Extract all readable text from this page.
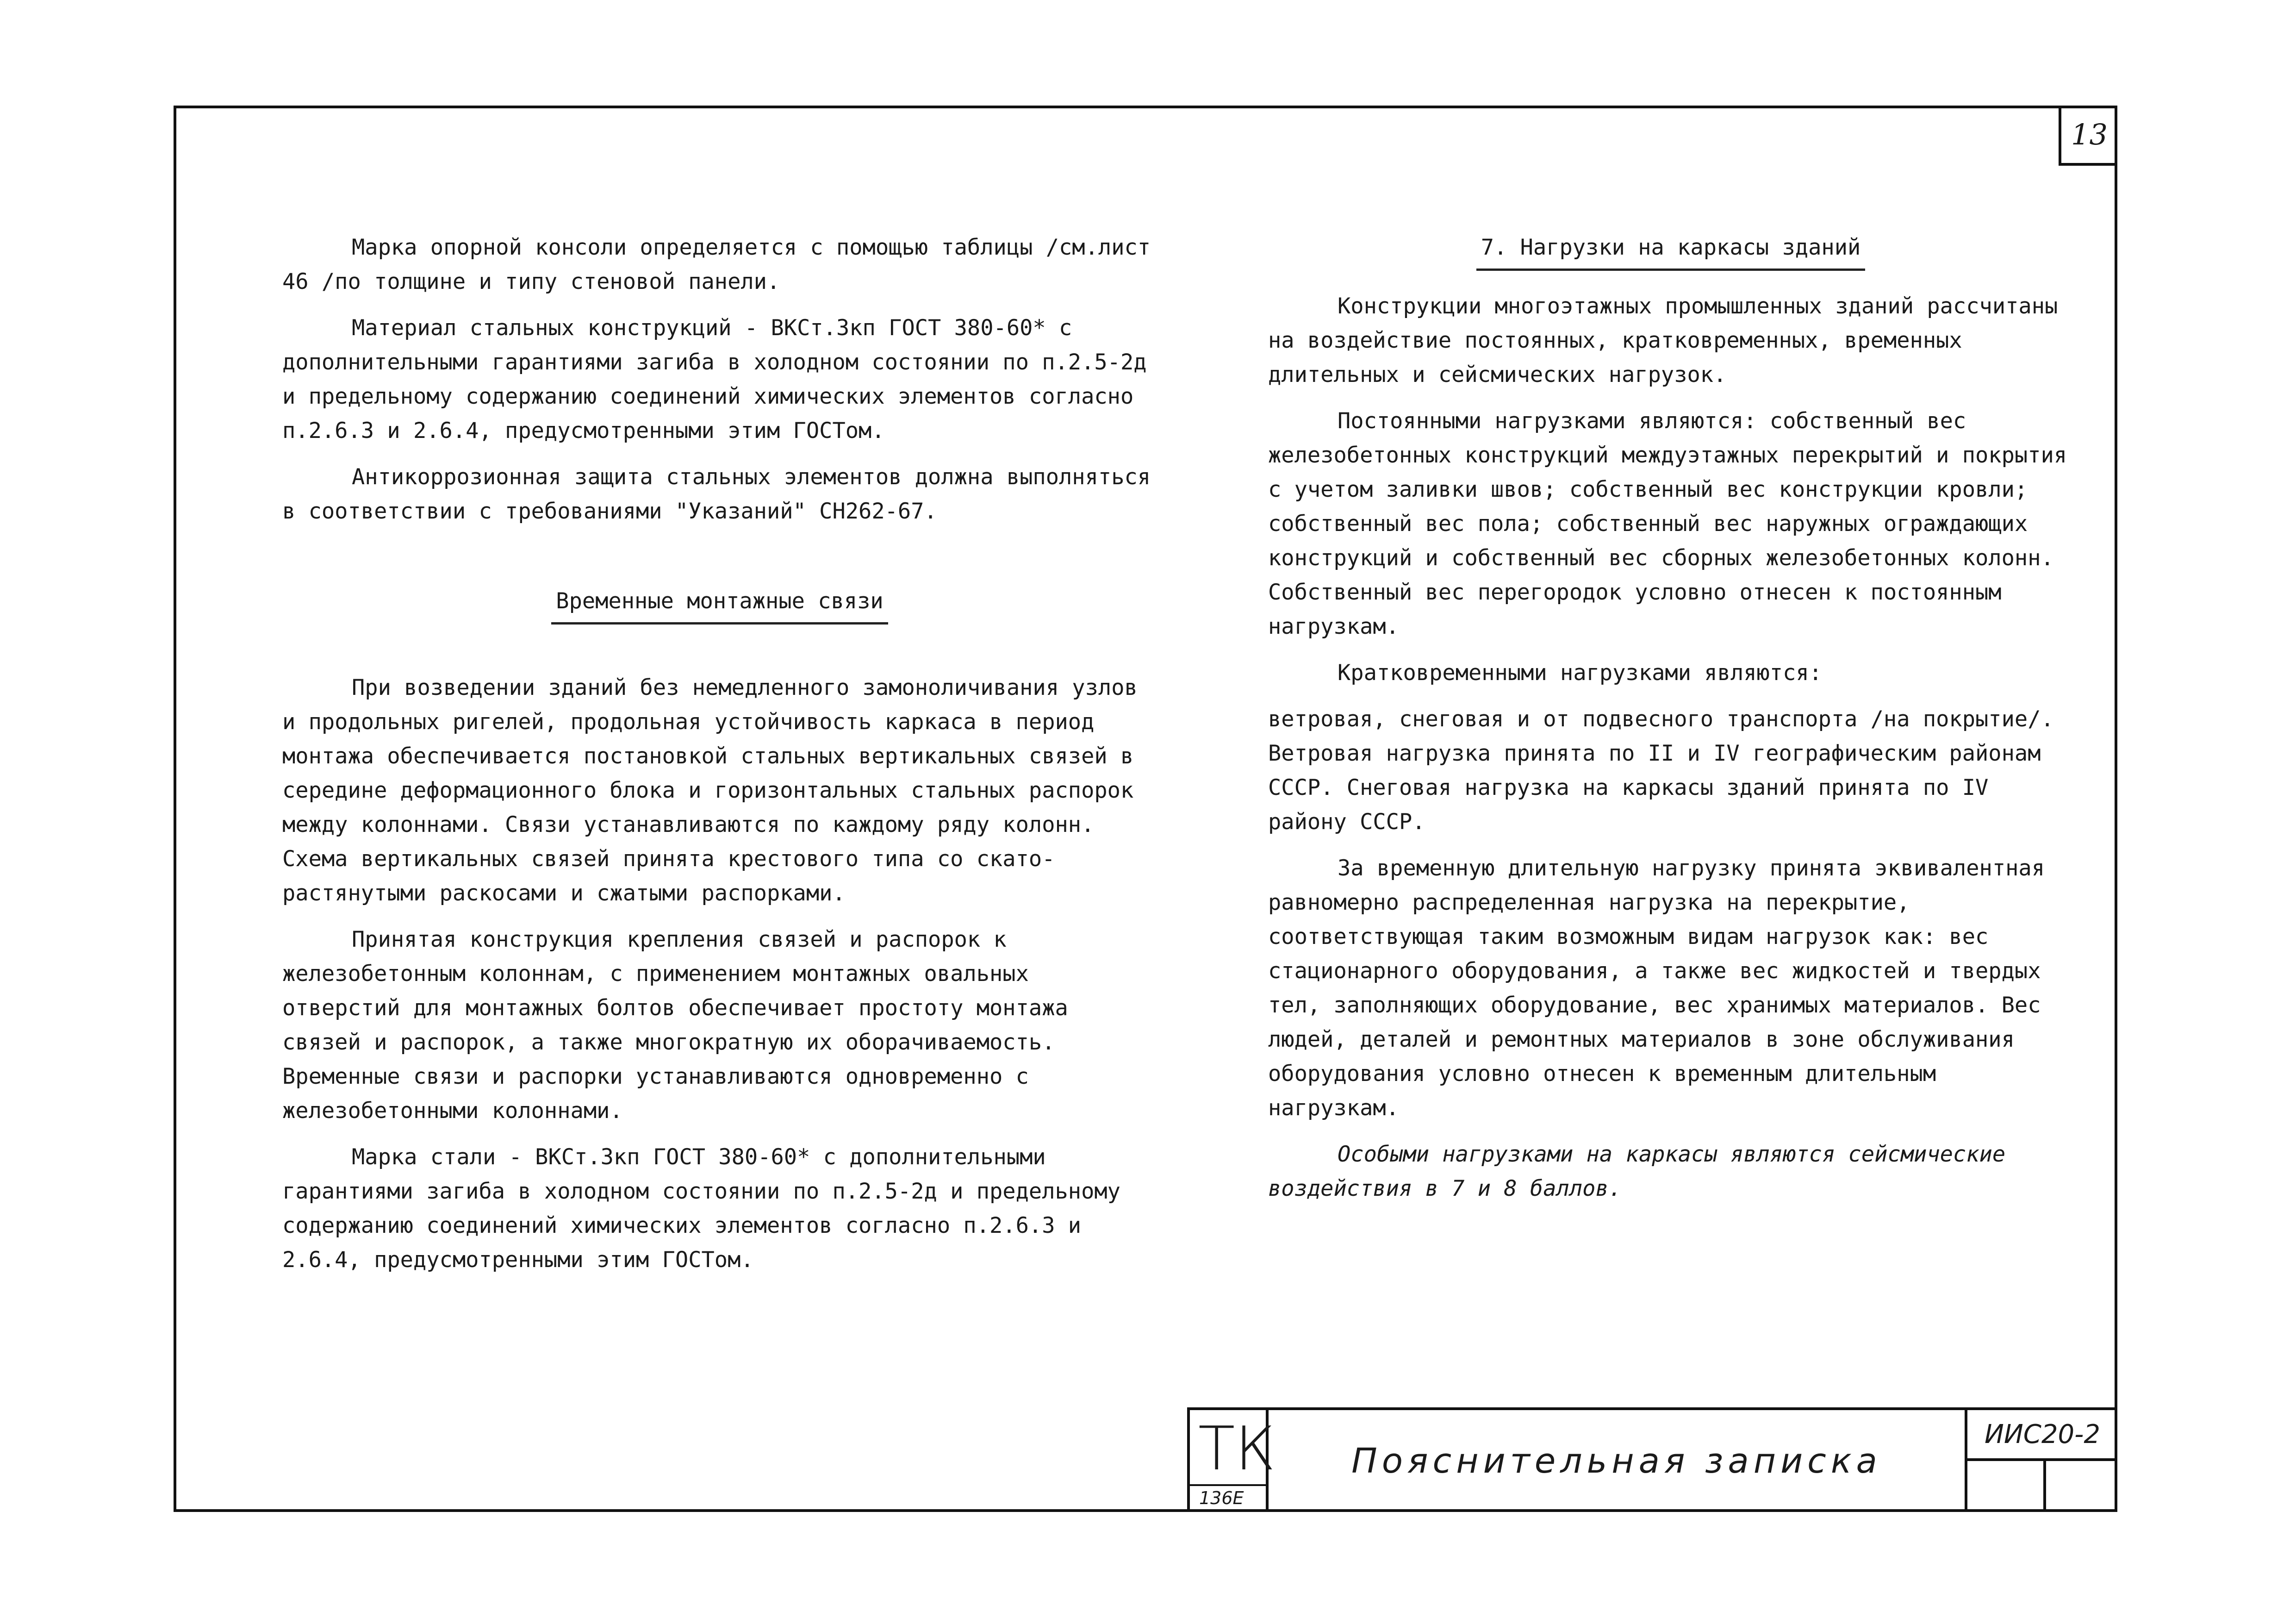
13

Марка опорной консоли определяется с помощью таблицы /см.лист 46 /по толщине и типу стеновой панели.

Материал стальных конструкций - ВКСт.3кп ГОСТ 380-60* с дополнительными гарантиями загиба в холодном состоянии по п.2.5-2д и предельному содержанию соединений химических элементов согласно п.2.6.3 и 2.6.4, предусмотренными этим ГОСТом.

Антикоррозионная защита стальных элементов должна выполняться в соответствии с требованиями "Указаний" СН262-67.

Временные монтажные связи

При возведении зданий без немедленного замоноличивания узлов и продольных ригелей, продольная устойчивость каркаса в период монтажа обеспечивается постановкой стальных вертикальных связей в середине деформационного блока и горизонтальных стальных распорок между колоннами. Связи устанавливаются по каждому ряду колонн. Схема вертикальных связей принята крестового типа со скато-растянутыми раскосами и сжатыми распорками.

Принятая конструкция крепления связей и распорок к железобетонным колоннам, с применением монтажных овальных отверстий для монтажных болтов обеспечивает простоту монтажа связей и распорок, а также многократную их оборачиваемость. Временные связи и распорки устанавливаются одновременно с железобетонными колоннами.

Марка стали - ВКСт.3кп ГОСТ 380-60* с дополнительными гарантиями загиба в холодном состоянии по п.2.5-2д и предельному содержанию соединений химических элементов согласно п.2.6.3 и 2.6.4, предусмотренными этим ГОСТом.

7. Нагрузки на каркасы зданий

Конструкции многоэтажных промышленных зданий рассчитаны на воздействие постоянных, кратковременных, временных длительных и сейсмических нагрузок.

Постоянными нагрузками являются: собственный вес железобетонных конструкций междуэтажных перекрытий и покрытия с учетом заливки швов; собственный вес конструкции кровли; собственный вес пола; собственный вес наружных ограждающих конструкций и собственный вес сборных железобетонных колонн. Собственный вес перегородок условно отнесен к постоянным нагрузкам.

Кратковременными нагрузками являются:

ветровая, снеговая и от подвесного транспорта /на покрытие/. Ветровая нагрузка принята по II и IV географическим районам СССР. Снеговая нагрузка на каркасы зданий принята по IV району СССР.

За временную длительную нагрузку принята эквивалентная равномерно распределенная нагрузка на перекрытие, соответствующая таким возможным видам нагрузок как: вес стационарного оборудования, а также вес жидкостей и твердых тел, заполняющих оборудование, вес хранимых материалов. Вес людей, деталей и ремонтных материалов в зоне обслуживания оборудования условно отнесен к временным длительным нагрузкам.

Особыми нагрузками на каркасы являются сейсмические воздействия в 7 и 8 баллов.

ТК
136Е
Пояснительная записка
ИИС20-2
